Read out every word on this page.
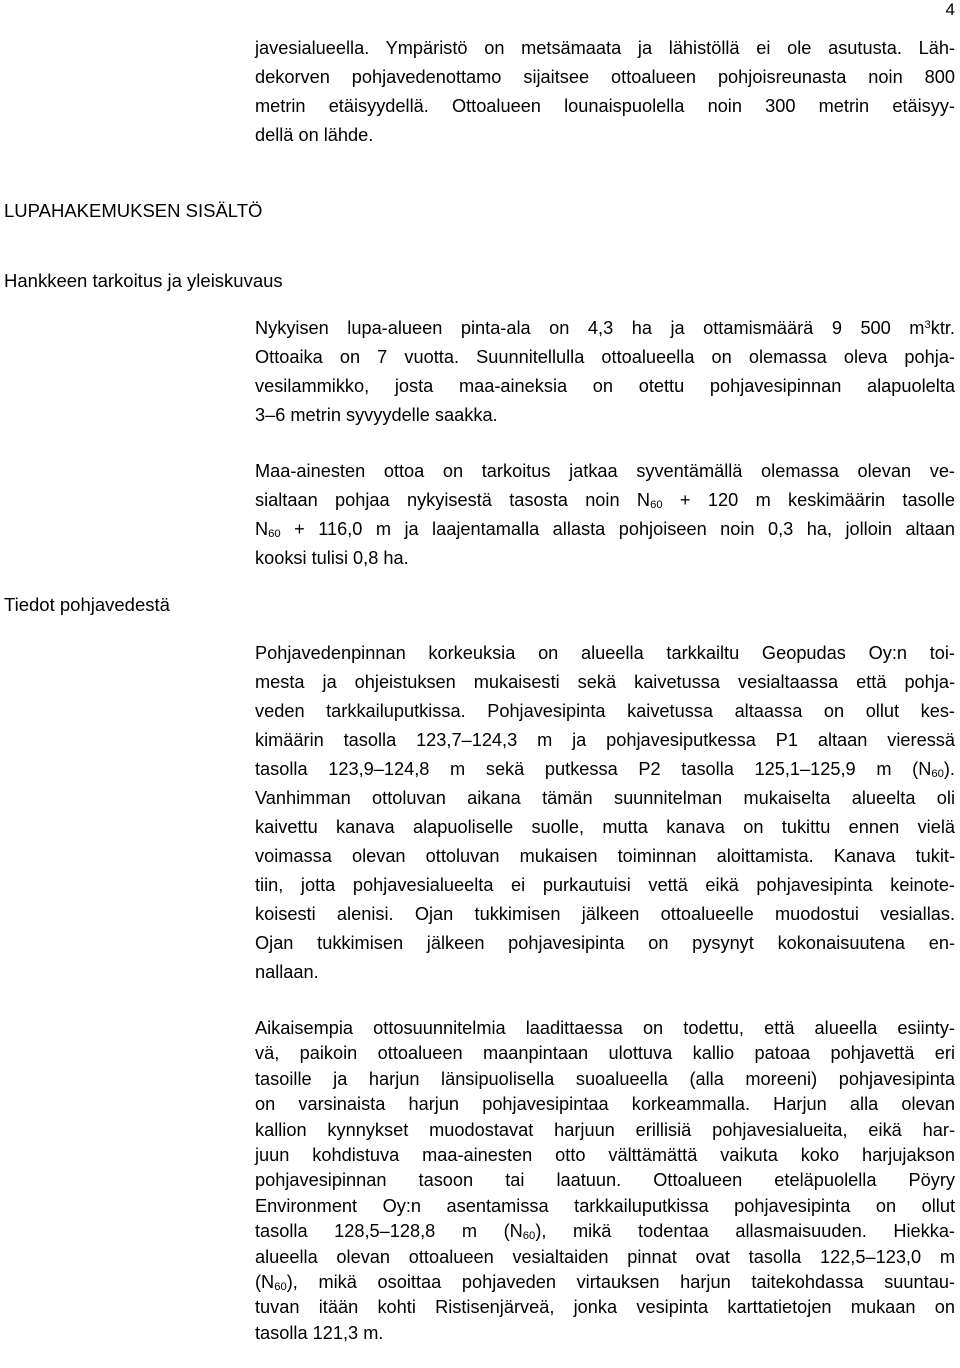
4
javesialueella. Ympäristö on metsämaata ja lähistöllä ei ole asutusta. Läh-
dekorven pohjavedenottamo sijaitsee ottoalueen pohjoisreunasta noin 800
metrin etäisyydellä. Ottoalueen lounaispuolella noin 300 metrin etäisyy-
dellä on lähde.
LUPAHAKEMUKSEN SISÄLTÖ
Hankkeen tarkoitus ja yleiskuvaus
Nykyisen lupa-alueen pinta-ala on 4,3 ha ja ottamismäärä 9 500 $m^3ktr$.
Ottoaika on 7 vuotta. Suunnitellulla ottoalueella on olemassa oleva pohja-
vesilammikko, josta maa-aineksia on otettu pohjavesipinnan alapuolelta
3–6 metrin syvyydelle saakka.
Maa-ainesten ottoa on tarkoitus jatkaa syventämällä olemassa olevan ve-
sialtaan pohjaa nykyisestä tasosta noin $N_{60} + 120$ m keskimäärin tasolle
$N_{60} + 116,0$ m ja laajentamalla allasta pohjoiseen noin 0,3 ha, jolloin altaan
kooksi tulisi 0,8 ha.
Tiedot pohjavedestä
Pohjavedenpinnan korkeuksia on alueella tarkkailtu Geopudas Oy:n toi-
mesta ja ohjeistuksen mukaisesti sekä kaivetussa vesialtaassa että pohja-
veden tarkkailuputkissa. Pohjavesipinta kaivetussa altaassa on ollut kes-
kimäärin tasolla 123,7–124,3 m ja pohjavesiputkessa P1 altaan vieressä
tasolla 123,9–124,8 m sekä putkessa P2 tasolla 125,1–125,9 m $(N_{60})$.
Vanhimman ottoluvan aikana tämän suunnitelman mukaiselta alueelta oli
kaivettu kanava alapuoliselle suolle, mutta kanava on tukittu ennen vielä
voimassa olevan ottoluvan mukaisen toiminnan aloittamista. Kanava tukit-
tiin, jotta pohjavesialueelta ei purkautuisi vettä eikä pohjavesipinta keinote-
koisesti alenisi. Ojan tukkimisen jälkeen ottoalueelle muodostui vesiallas.
Ojan tukkimisen jälkeen pohjavesipinta on pysynyt kokonaisuutena en-
nallaan.
Aikaisempia ottosuunnitelmia laadittaessa on todettu, että alueella esiinty-
vä, paikoin ottoalueen maanpintaan ulottuva kallio patoaa pohjavettä eri
tasoille ja harjun länsipuolisella suoalueella (alla moreeni) pohjavesipinta
on varsinaista harjun pohjavesipintaa korkeammalla. Harjun alla olevan
kallion kynnykset muodostavat harjuun erillisiä pohjavesialueita, eikä har-
juun kohdistuva maa-ainesten otto välttämättä vaikuta koko harjujakson
pohjavesipinnan tasoon tai laatuun. Ottoalueen eteläpuolella Pöyry
Environment Oy:n asentamissa tarkkailuputkissa pohjavesipinta on ollut
tasolla 128,5–128,8 m $(N_{60})$, mikä todentaa allasmaisuuden. Hiekka-
alueella olevan ottoalueen vesialtaiden pinnat ovat tasolla 122,5–123,0 m
$(N_{60})$, mikä osoittaa pohjaveden virtauksen harjun taitekohdassa suuntau-
tuvan itään kohti Ristisenjärveä, jonka vesipinta karttatietojen mukaan on
tasolla 121,3 m.
